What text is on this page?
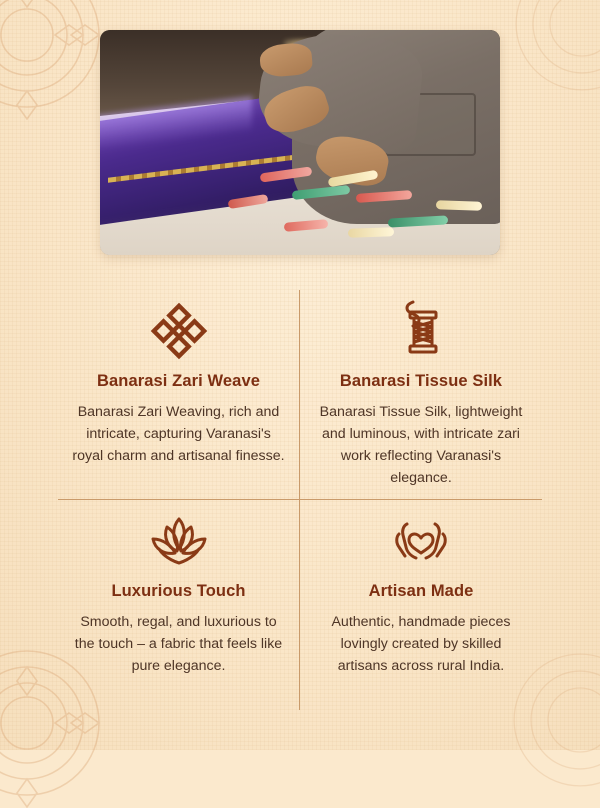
Banarasi Zari Weave
Banarasi Zari Weaving, rich and intricate, capturing Varanasi's royal charm and artisanal finesse.
Banarasi Tissue Silk
Banarasi Tissue Silk, lightweight and luminous, with intricate zari work reflecting Varanasi's elegance.
Luxurious Touch
Smooth, regal, and luxurious to the touch – a fabric that feels like pure elegance.
Artisan Made
Authentic, handmade pieces lovingly created by skilled artisans across rural India.
